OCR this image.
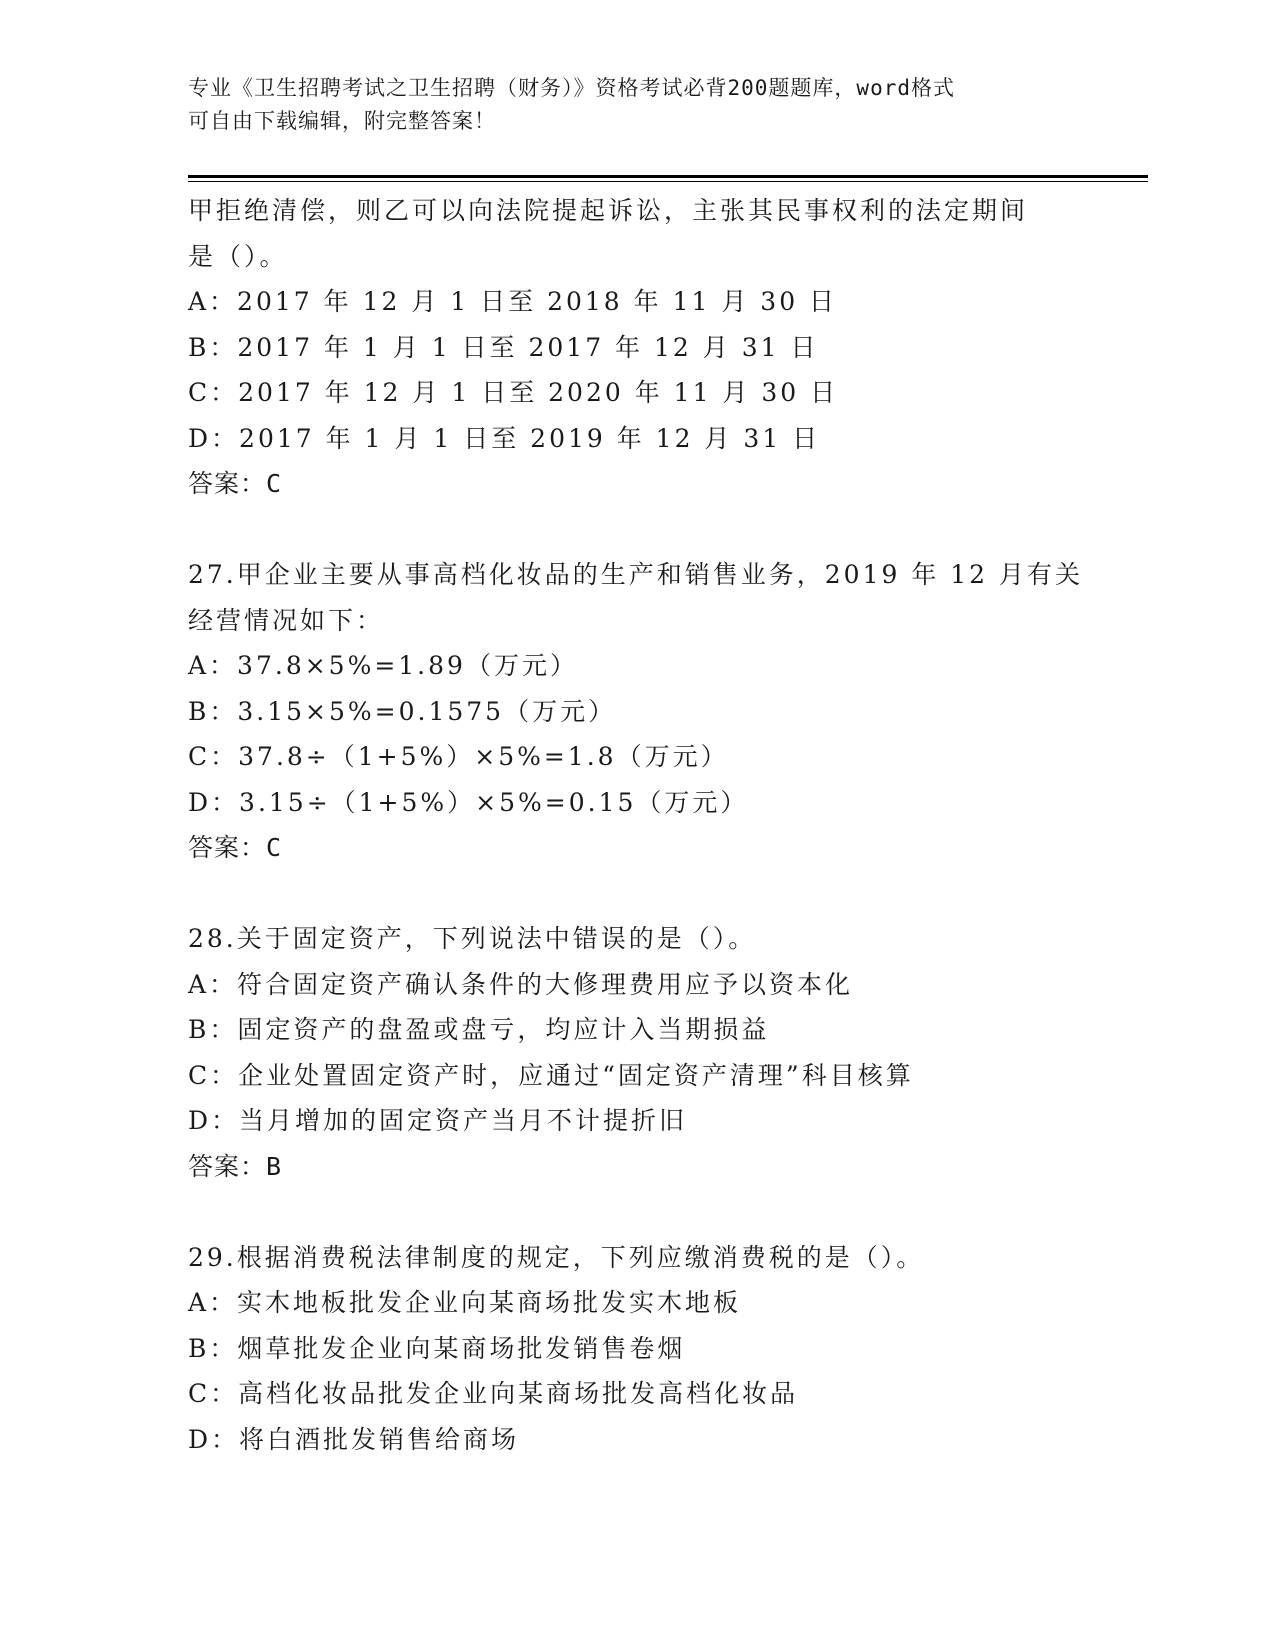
专业《卫生招聘考试之卫生招聘（财务）》资格考试必背200题题库，word格式
可自由下载编辑，附完整答案！
甲拒绝清偿，则乙可以向法院提起诉讼，主张其民事权利的法定期间
是（）。
A：2017 年 12 月 1 日至 2018 年 11 月 30 日
B：2017 年 1 月 1 日至 2017 年 12 月 31 日
C：2017 年 12 月 1 日至 2020 年 11 月 30 日
D：2017 年 1 月 1 日至 2019 年 12 月 31 日
答案：C
27.甲企业主要从事高档化妆品的生产和销售业务，2019 年 12 月有关
经营情况如下：
A：37.8×5%=1.89（万元）
B：3.15×5%=0.1575（万元）
C：37.8÷（1+5%）×5%=1.8（万元）
D：3.15÷（1+5%）×5%=0.15（万元）
答案：C
28.关于固定资产，下列说法中错误的是（）。
A：符合固定资产确认条件的大修理费用应予以资本化
B：固定资产的盘盈或盘亏，均应计入当期损益
C：企业处置固定资产时，应通过“固定资产清理”科目核算
D：当月增加的固定资产当月不计提折旧
答案：B
29.根据消费税法律制度的规定，下列应缴消费税的是（）。
A：实木地板批发企业向某商场批发实木地板
B：烟草批发企业向某商场批发销售卷烟
C：高档化妆品批发企业向某商场批发高档化妆品
D：将白酒批发销售给商场
